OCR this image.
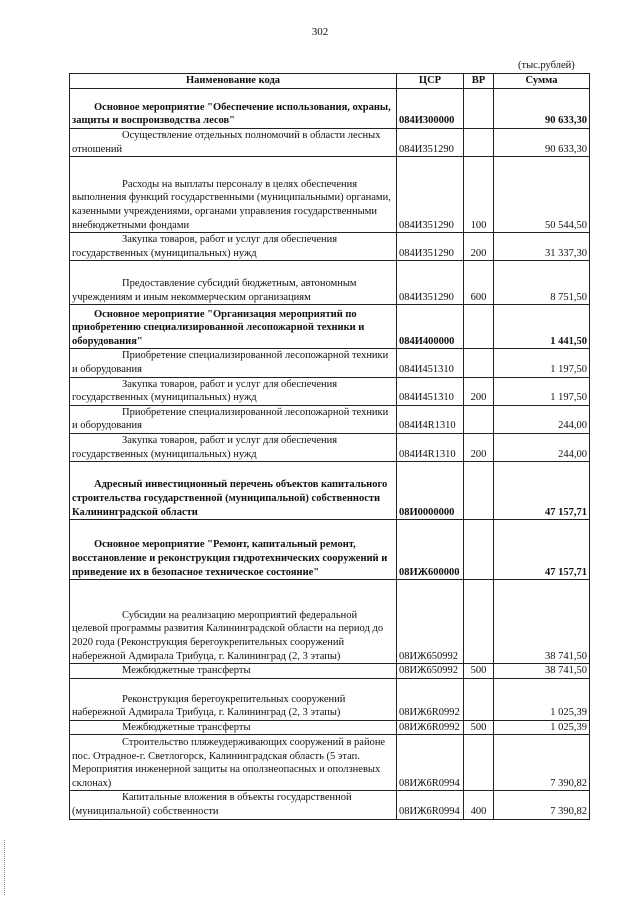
302
(тыс.рублей)
Наименование кода	ЦСР	ВР	Сумма
Основное мероприятие "Обеспечение использования, охраны, защиты и воспроизводства лесов"	084И300000		90 633,30
Осуществление отдельных полномочий в области лесных отношений	084И351290		90 633,30
Расходы на выплаты персоналу в целях обеспечения выполнения функций государственными (муниципальными) органами, казенными учреждениями, органами управления государственными внебюджетными фондами	084И351290	100	50 544,50
Закупка товаров, работ и услуг для обеспечения государственных (муниципальных) нужд	084И351290	200	31 337,30
Предоставление субсидий бюджетным, автономным учреждениям и иным некоммерческим организациям	084И351290	600	8 751,50
Основное мероприятие "Организация мероприятий по приобретению специализированной лесопожарной техники и оборудования"	084И400000		1 441,50
Приобретение специализированной лесопожарной техники и оборудования	084И451310		1 197,50
Закупка товаров, работ и услуг для обеспечения государственных (муниципальных) нужд	084И451310	200	1 197,50
Приобретение специализированной лесопожарной техники и оборудования	084И4R1310		244,00
Закупка товаров, работ и услуг для обеспечения государственных (муниципальных) нужд	084И4R1310	200	244,00
Адресный инвестиционный перечень объектов капитального строительства государственной (муниципальной) собственности Калининградской области	08И0000000		47 157,71
Основное мероприятие "Ремонт, капитальный ремонт, восстановление и реконструкция гидротехнических сооружений и приведение их в безопасное техническое состояние"	08ИЖ600000		47 157,71
Субсидии на реализацию мероприятий федеральной целевой программы развития Калининградской области на период до 2020 года (Реконструкция берегоукрепительных сооружений набережной Адмирала Трибуца, г. Калининград (2, 3 этапы)	08ИЖ650992		38 741,50
Межбюджетные трансферты	08ИЖ650992	500	38 741,50
Реконструкция берегоукрепительных сооружений набережной Адмирала Трибуца, г. Калининград (2, 3 этапы)	08ИЖ6R0992		1 025,39
Межбюджетные трансферты	08ИЖ6R0992	500	1 025,39
Строительство пляжеудерживающих сооружений в районе пос. Отрадное-г. Светлогорск, Калининградская область (5 этап. Мероприятия инженерной защиты на оползнеопасных и оползневых склонах)	08ИЖ6R0994		7 390,82
Капитальные вложения в объекты государственной (муниципальной) собственности	08ИЖ6R0994	400	7 390,82
